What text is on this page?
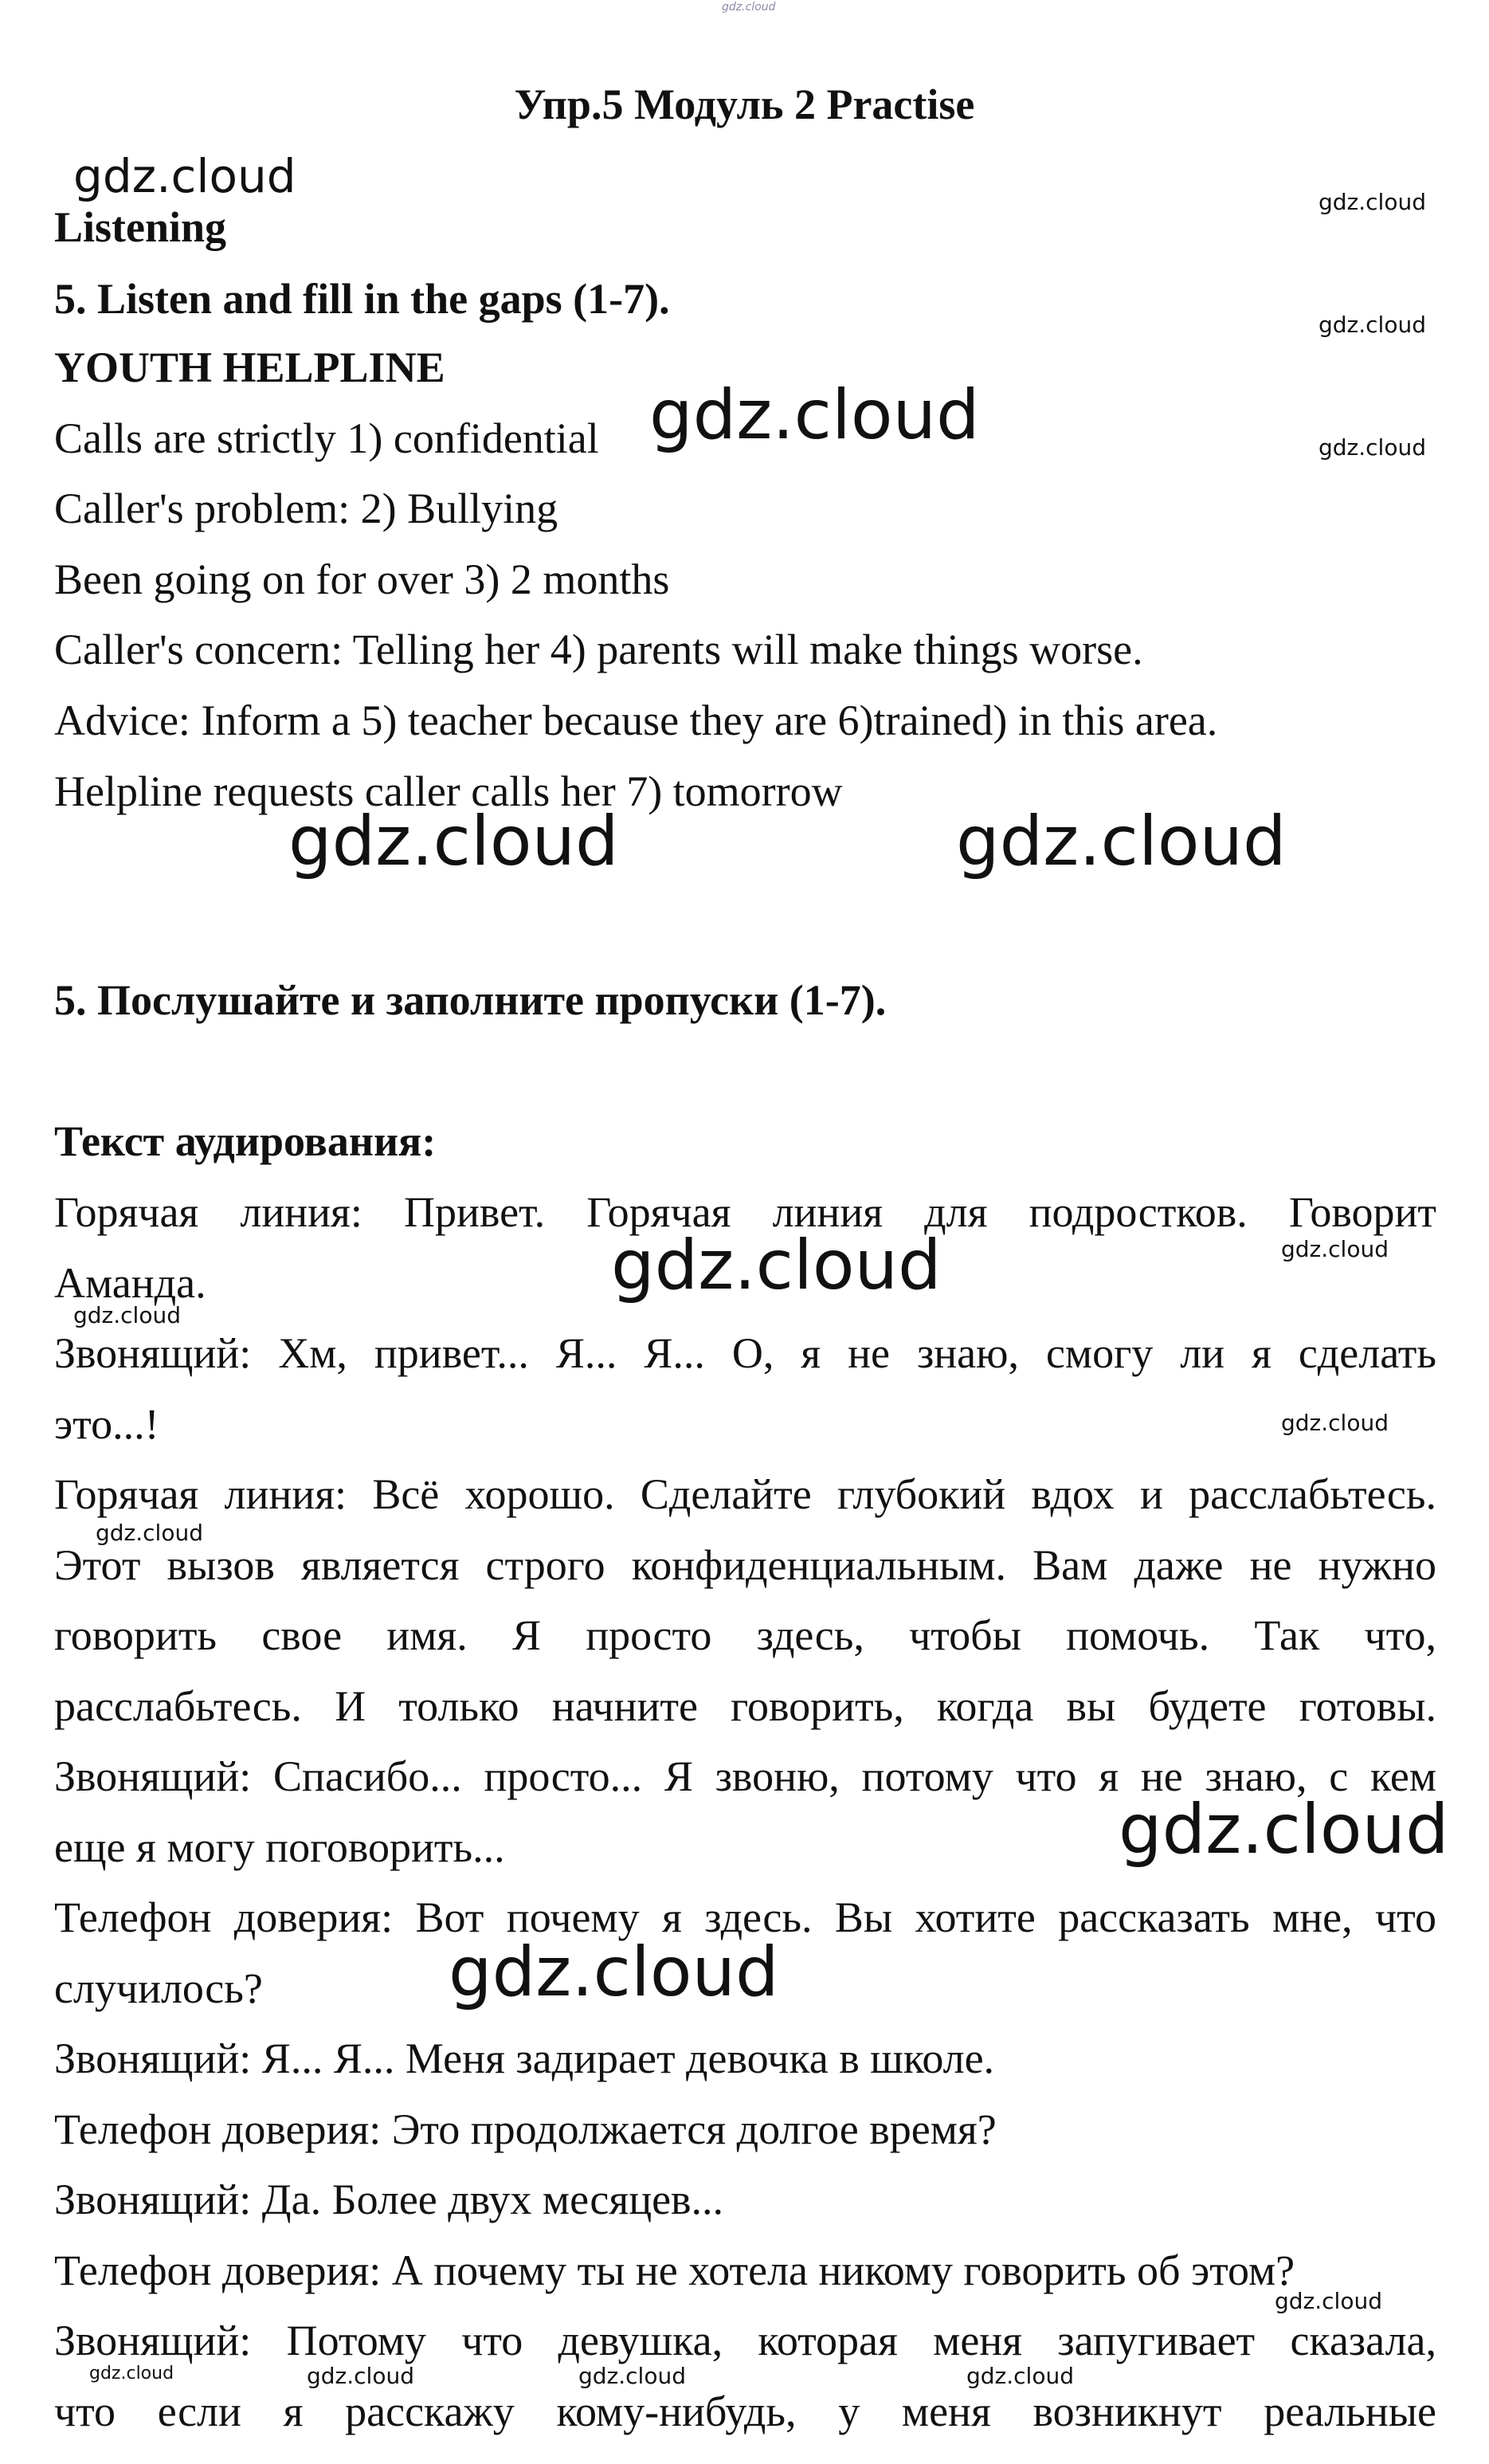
gdz.cloud
Упр.5 Модуль 2 Practise
Listening
5. Listen and fill in the gaps (1-7).
YOUTH HELPLINE
Calls are strictly 1) confidential
Caller's problem: 2) Bullying
Been going on for over 3) 2 months
Caller's concern: Telling her 4) parents will make things worse.
Advice: Inform a 5) teacher because they are 6)trained) in this area.
Helpline requests caller calls her 7) tomorrow
5. Послушайте и заполните пропуски (1-7).
Текст аудирования:
Горячая линия: Привет. Горячая линия для подростков. Говорит
Аманда.
Звонящий: Хм, привет... Я... Я... О, я не знаю, смогу ли я сделать
это...!
Горячая линия: Всё хорошо. Сделайте глубокий вдох и расслабьтесь.
Этот вызов является строго конфиденциальным. Вам даже не нужно
говорить свое имя. Я просто здесь, чтобы помочь. Так что,
расслабьтесь. И только начните говорить, когда вы будете готовы.
Звонящий: Спасибо... просто... Я звоню, потому что я не знаю, с кем
еще я могу поговорить...
Телефон доверия: Вот почему я здесь. Вы хотите рассказать мне, что
случилось?
Звонящий: Я... Я... Меня задирает девочка в школе.
Телефон доверия: Это продолжается долгое время?
Звонящий: Да. Более двух месяцев...
Телефон доверия: А почему ты не хотела никому говорить об этом?
Звонящий: Потому что девушка, которая меня запугивает сказала,
что если я расскажу кому-нибудь, у меня возникнут реальные
gdz.cloud	gdz.cloud
gdz.cloud
gdz.cloud
gdz.cloud
gdz.cloud	gdz.cloud
gdz.cloud	gdz.cloud
gdz.cloud
gdz.cloud
gdz.cloud
gdz.cloud
gdz.cloud
gdz.cloud
gdz.cloud	gdz.cloud	gdz.cloud	gdz.cloud
